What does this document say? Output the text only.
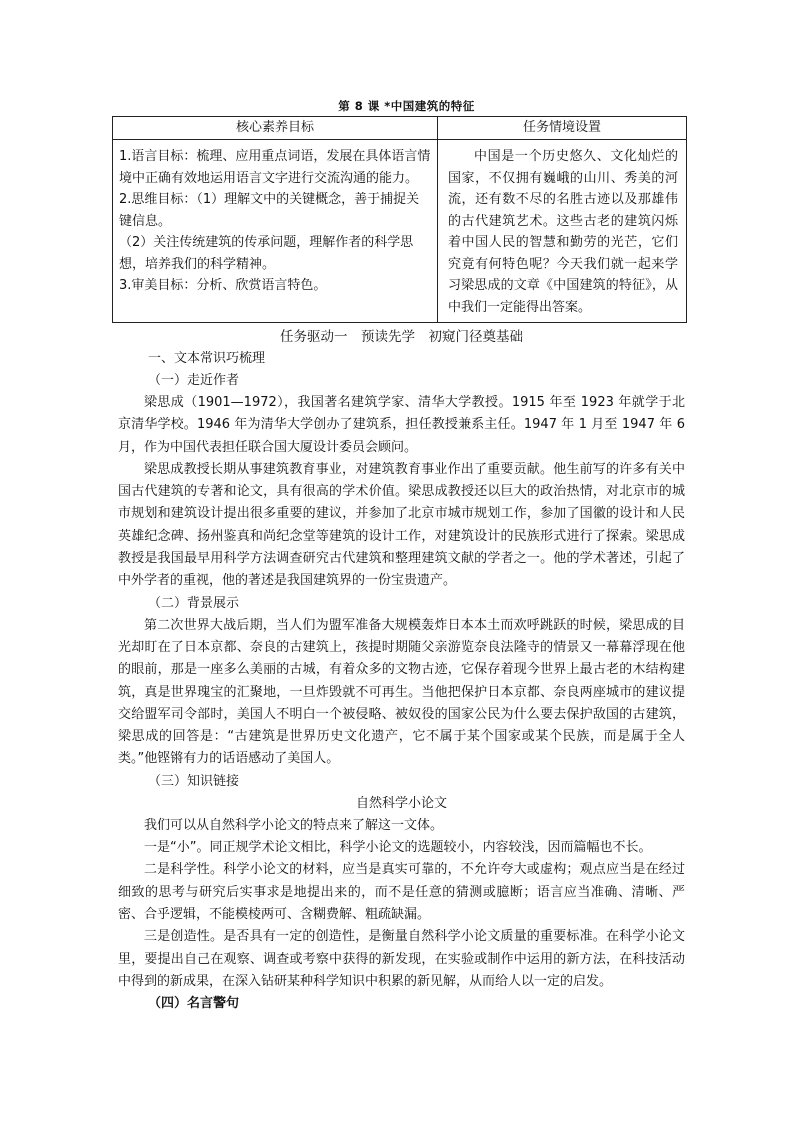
第 8 课 *中国建筑的特征
核心素养目标	任务情境设置

1.语言目标：梳理、应用重点词语，发展在具体语言情境中正确有效地运用语言文字进行交流沟通的能力。
2.思维目标：（1）理解文中的关键概念，善于捕捉关键信息。
（2）关注传统建筑的传承问题，理解作者的科学思想，培养我们的科学精神。
3.审美目标：分析、欣赏语言特色。	中国是一个历史悠久、文化灿烂的国家，不仅拥有巍峨的山川、秀美的河流，还有数不尽的名胜古迹以及那雄伟的古代建筑艺术。这些古老的建筑闪烁着中国人民的智慧和勤劳的光芒，它们究竟有何特色呢？今天我们就一起来学习梁思成的文章《中国建筑的特征》，从中我们一定能得出答案。
任务驱动一　预读先学　初窥门径奠基础
一、文本常识巧梳理
（一）走近作者

梁思成（1901—1972），我国著名建筑学家、清华大学教授。1915 年至 1923 年就学于北京清华学校。1946 年为清华大学创办了建筑系，担任教授兼系主任。1947 年 1 月至 1947 年 6 月，作为中国代表担任联合国大厦设计委员会顾问。

梁思成教授长期从事建筑教育事业，对建筑教育事业作出了重要贡献。他生前写的许多有关中国古代建筑的专著和论文，具有很高的学术价值。梁思成教授还以巨大的政治热情，对北京市的城市规划和建筑设计提出很多重要的建议，并参加了北京市城市规划工作，参加了国徽的设计和人民英雄纪念碑、扬州鉴真和尚纪念堂等建筑的设计工作，对建筑设计的民族形式进行了探索。梁思成教授是我国最早用科学方法调查研究古代建筑和整理建筑文献的学者之一。他的学术著述，引起了中外学者的重视，他的著述是我国建筑界的一份宝贵遗产。

（二）背景展示

第二次世界大战后期，当人们为盟军准备大规模轰炸日本本土而欢呼跳跃的时候，梁思成的目光却盯在了日本京都、奈良的古建筑上，孩提时期随父亲游览奈良法隆寺的情景又一幕幕浮现在他的眼前，那是一座多么美丽的古城，有着众多的文物古迹，它保存着现今世界上最古老的木结构建筑，真是世界瑰宝的汇聚地，一旦炸毁就不可再生。当他把保护日本京都、奈良两座城市的建议提交给盟军司令部时，美国人不明白一个被侵略、被奴役的国家公民为什么要去保护敌国的古建筑，梁思成的回答是：“古建筑是世界历史文化遗产，它不属于某个国家或某个民族，而是属于全人类。”他铿锵有力的话语感动了美国人。

（三）知识链接
自然科学小论文

我们可以从自然科学小论文的特点来了解这一文体。

一是“小”。同正规学术论文相比，科学小论文的选题较小，内容较浅，因而篇幅也不长。

二是科学性。科学小论文的材料，应当是真实可靠的，不允许夸大或虚构；观点应当是在经过细致的思考与研究后实事求是地提出来的，而不是任意的猜测或臆断；语言应当准确、清晰、严密、合乎逻辑，不能模棱两可、含糊费解、粗疏缺漏。

三是创造性。是否具有一定的创造性，是衡量自然科学小论文质量的重要标准。在科学小论文里，要提出自己在观察、调查或考察中获得的新发现，在实验或制作中运用的新方法，在科技活动中得到的新成果，在深入钻研某种科学知识中积累的新见解，从而给人以一定的启发。

（四）名言警句
